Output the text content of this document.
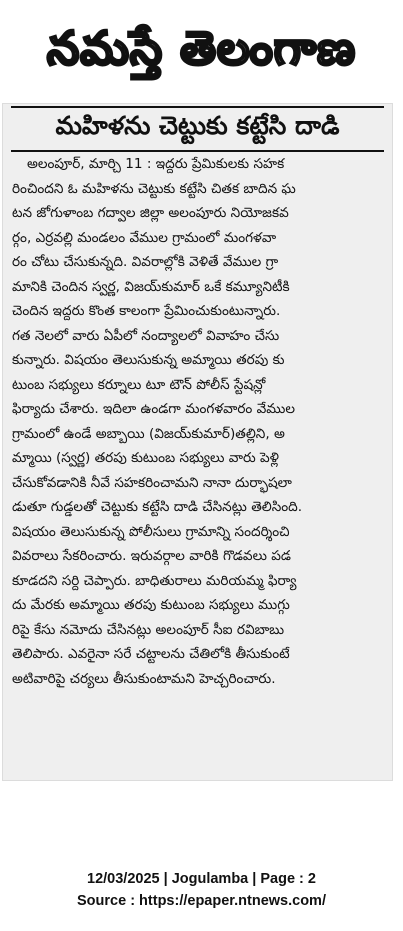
నమస్తే తెలంగాణ
మహిళను చెట్టుకు కట్టేసి దాడి
అలంపూర్‌, మార్చి 11 : ఇద్దరు ప్రేమికులకు సహక
రించిందని ఓ మహిళను చెట్టుకు కట్టేసి చితక బాదిన ఘ
టన జోగుళాంబ గద్వాల జిల్లా అలంపూరు నియోజకవ
ర్గం, ఎర్రవల్లి మండలం వేముల గ్రామంలో మంగళవా
రం చోటు చేసుకున్నది. వివరాల్లోకి వెళితే వేముల గ్రా
మానికి చెందిన స్వర్ణ, విజయ్‌కుమార్‌ ఒకే కమ్యూనిటీకి
చెందిన ఇద్దరు కొంత కాలంగా ప్రేమించుకుంటున్నారు.
గత నెలలో వారు ఏపీలో నంద్యాలలో వివాహం చేసు
కున్నారు. విషయం తెలుసుకున్న అమ్మాయి తరపు కు
టుంబ సభ్యులు కర్నూలు టూ టౌన్‌ పోలీస్‌ స్టేషన్లో
ఫిర్యాదు చేశారు. ఇదిలా ఉండగా మంగళవారం వేముల
గ్రామంలో ఉండే అబ్బాయి (విజయ్‌కుమార్‌)తల్లిని, అ
మ్మాయి (స్వర్ణ) తరపు కుటుంబ సభ్యులు వారు పెళ్లి
చేసుకోవడానికి నీవే సహకరించామని నానా దుర్భాషలా
డుతూ గుడ్డలతో చెట్టుకు కట్టేసి దాడి చేసినట్లు తెలిసింది.
విషయం తెలుసుకున్న పోలీసులు గ్రామాన్ని సందర్శించి
వివరాలు సేకరించారు. ఇరువర్గాల వారికి గొడవలు పడ
కూడదని సర్ది చెప్పారు. బాధితురాలు మరియమ్మ ఫిర్యా
దు మేరకు అమ్మాయి తరపు కుటుంబ సభ్యులు ముగ్గు
రిపై కేసు నమోదు చేసినట్లు అలంపూర్‌ సీఐ రవిబాబు
తెలిపారు. ఎవరైనా సరే చట్టాలను చేతిలోకి తీసుకుంటే
అటివారిపై చర్యలు తీసుకుంటామని హెచ్చరించారు.
12/03/2025 | Jogulamba | Page : 2
Source : https://epaper.ntnews.com/
